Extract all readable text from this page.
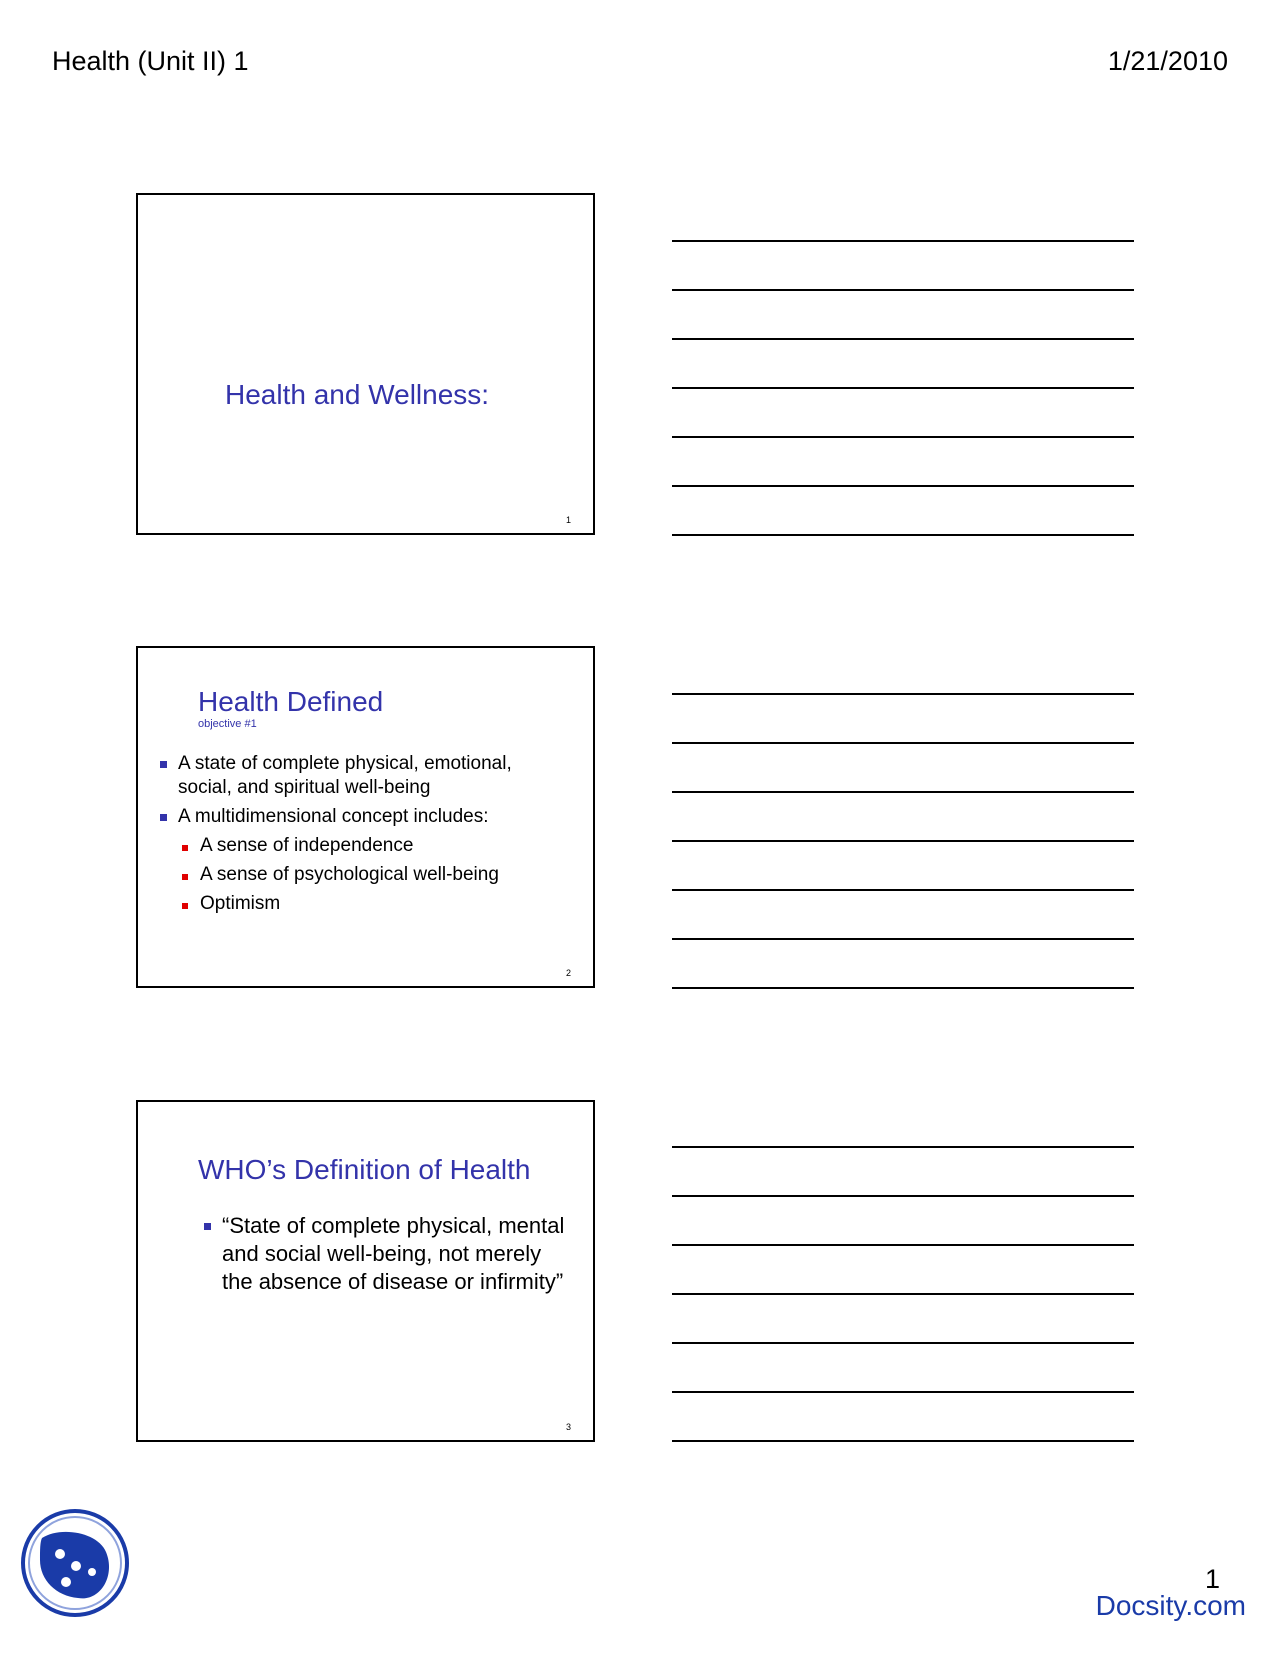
Health (Unit II) 1	1/21/2010
Health and Wellness:
1
Health Defined
objective #1
A state of complete physical, emotional,
social, and spiritual well-being
A multidimensional concept includes:
A sense of independence
A sense of psychological well-being
Optimism
2
WHO’s Definition of Health
“State of complete physical, mental
and social well-being, not merely
the absence of disease or infirmity”
3
1
Docsity.com
